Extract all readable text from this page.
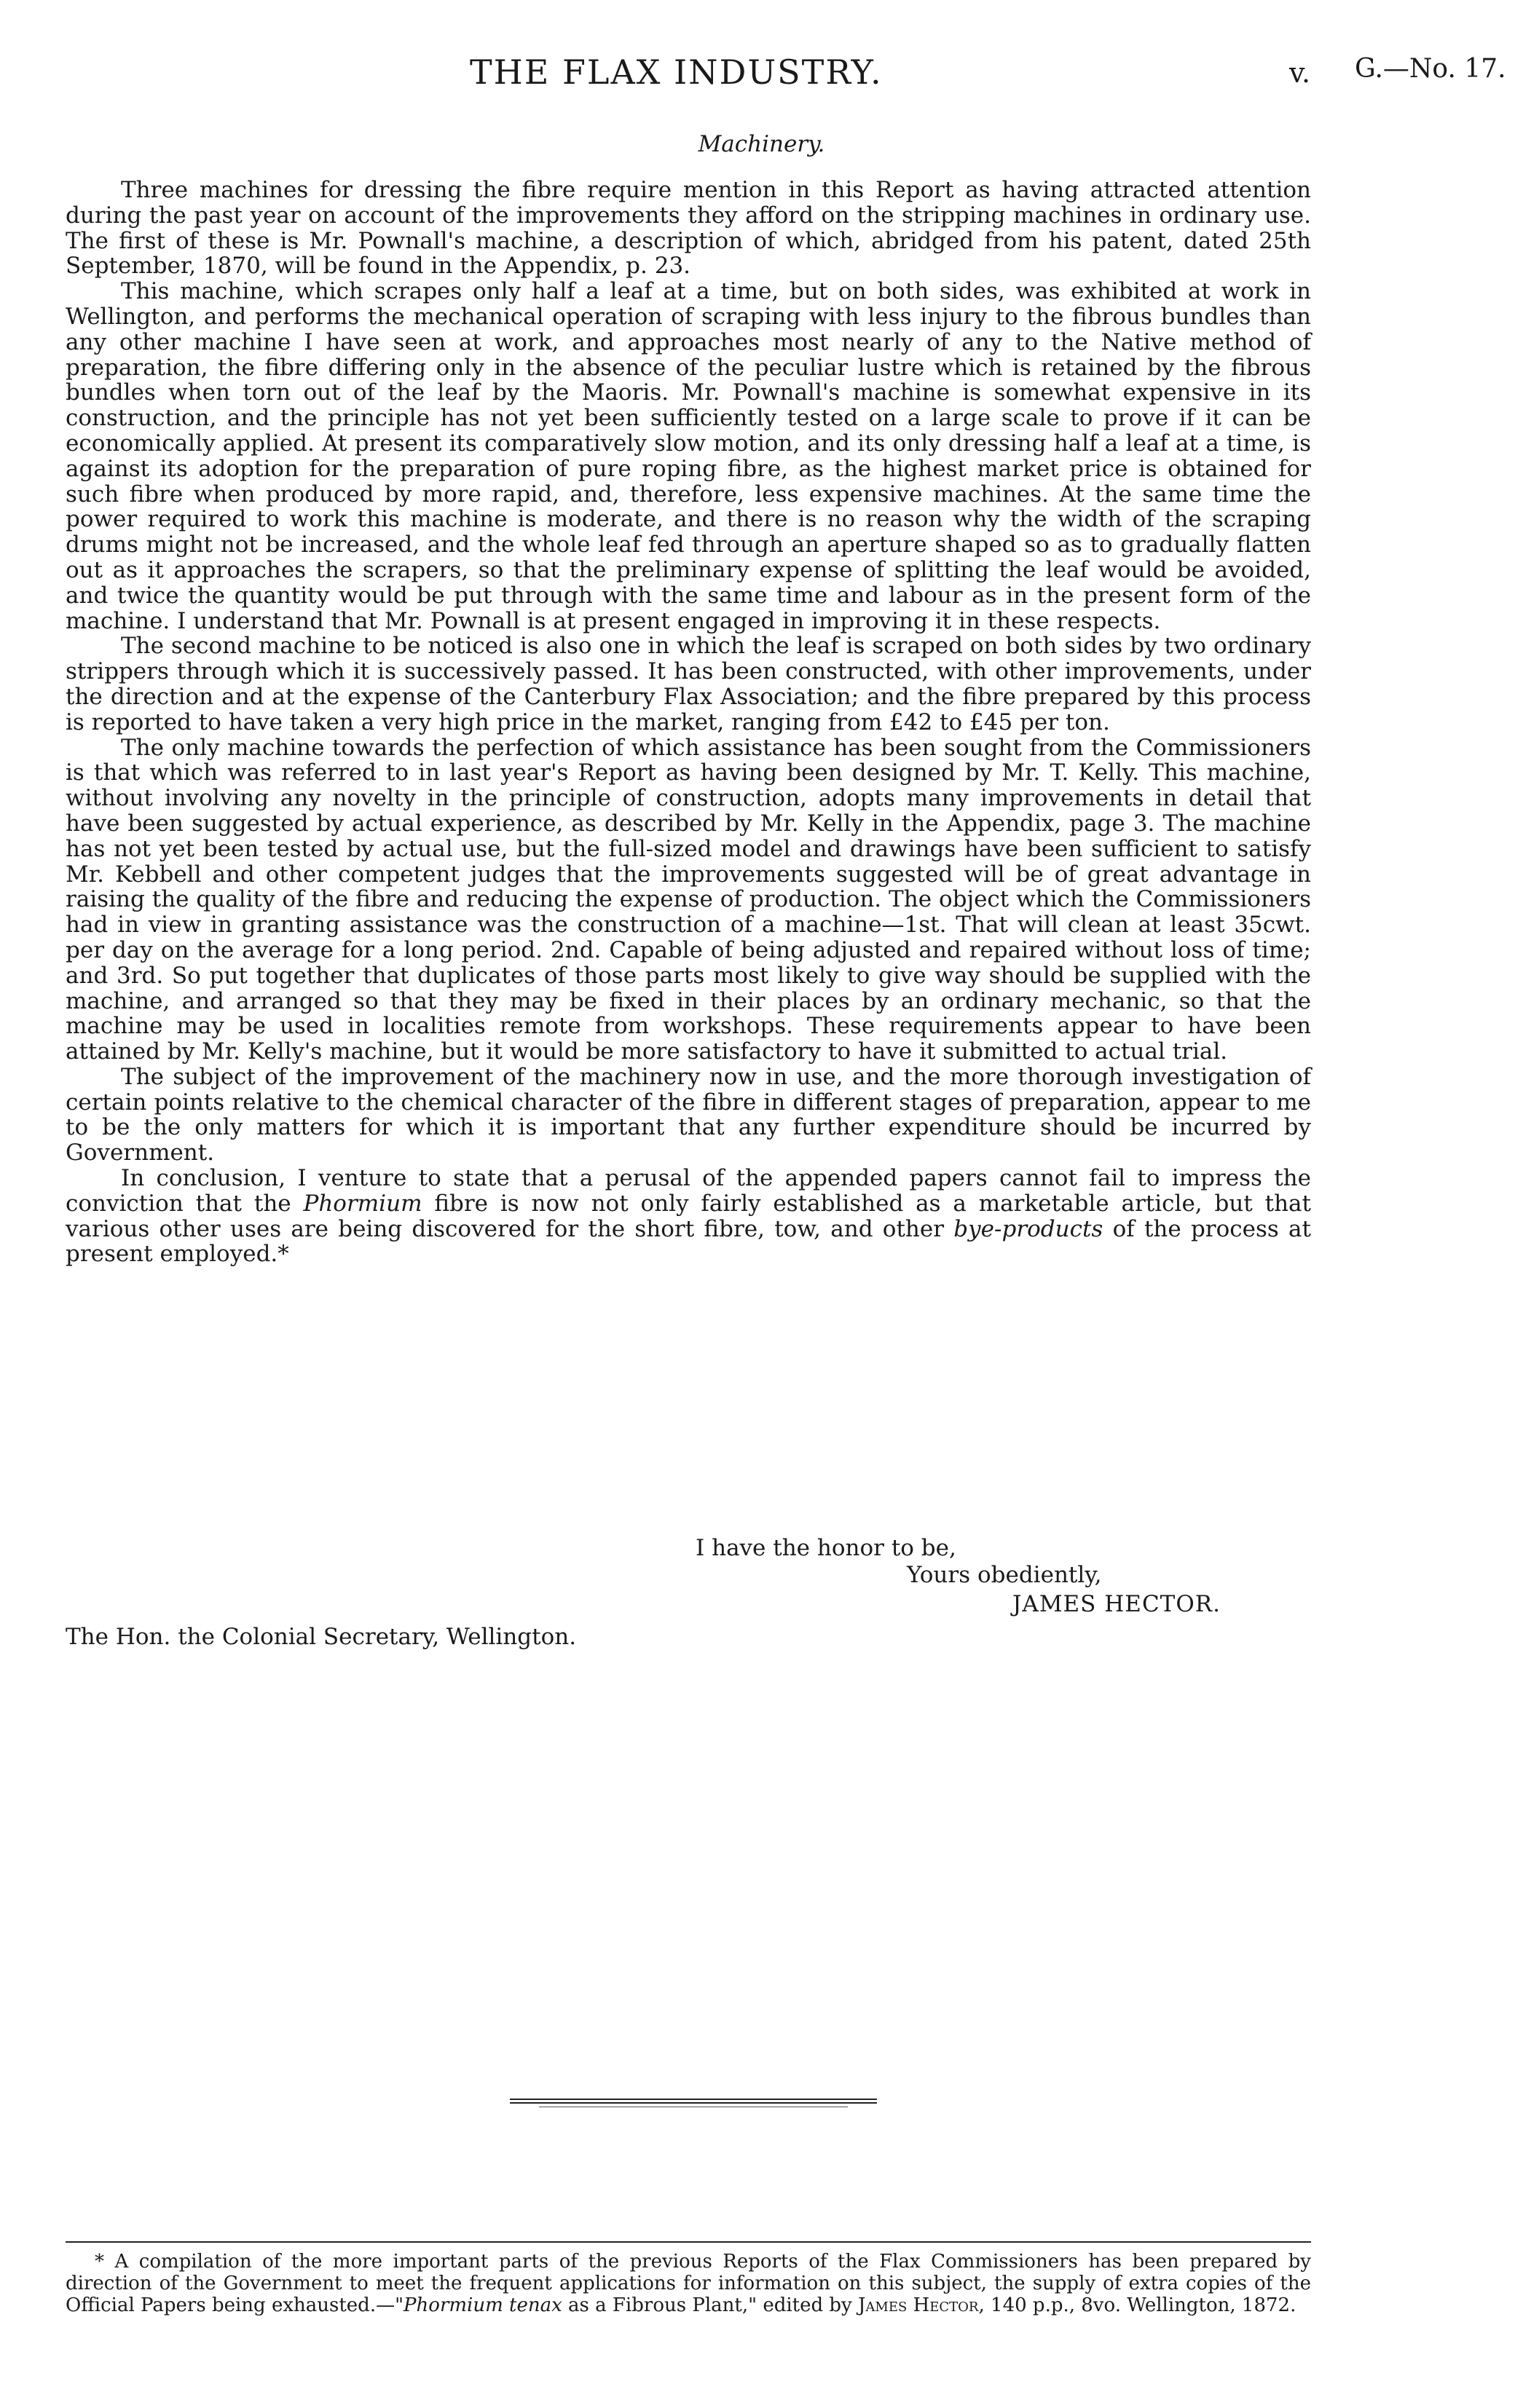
THE FLAX INDUSTRY.	v. G.—No. 17.
Machinery.

Three machines for dressing the fibre require mention in this Report as having attracted attention during the past year on account of the improvements they afford on the stripping machines in ordinary use. The first of these is Mr. Pownall's machine, a description of which, abridged from his patent, dated 25th September, 1870, will be found in the Appendix, p. 23.

This machine, which scrapes only half a leaf at a time, but on both sides, was exhibited at work in Wellington, and performs the mechanical operation of scraping with less injury to the fibrous bundles than any other machine I have seen at work, and approaches most nearly of any to the Native method of preparation, the fibre differing only in the absence of the peculiar lustre which is retained by the fibrous bundles when torn out of the leaf by the Maoris. Mr. Pownall's machine is somewhat expensive in its construction, and the principle has not yet been sufficiently tested on a large scale to prove if it can be economically applied. At present its comparatively slow motion, and its only dressing half a leaf at a time, is against its adoption for the preparation of pure roping fibre, as the highest market price is obtained for such fibre when produced by more rapid, and, therefore, less expensive machines. At the same time the power required to work this machine is moderate, and there is no reason why the width of the scraping drums might not be increased, and the whole leaf fed through an aperture shaped so as to gradually flatten out as it approaches the scrapers, so that the preliminary expense of splitting the leaf would be avoided, and twice the quantity would be put through with the same time and labour as in the present form of the machine. I understand that Mr. Pownall is at present engaged in improving it in these respects.

The second machine to be noticed is also one in which the leaf is scraped on both sides by two ordinary strippers through which it is successively passed. It has been constructed, with other improvements, under the direction and at the expense of the Canterbury Flax Association; and the fibre prepared by this process is reported to have taken a very high price in the market, ranging from £42 to £45 per ton.

The only machine towards the perfection of which assistance has been sought from the Commissioners is that which was referred to in last year's Report as having been designed by Mr. T. Kelly. This machine, without involving any novelty in the principle of construction, adopts many improvements in detail that have been suggested by actual experience, as described by Mr. Kelly in the Appendix, page 3. The machine has not yet been tested by actual use, but the full-sized model and drawings have been sufficient to satisfy Mr. Kebbell and other competent judges that the improvements suggested will be of great advantage in raising the quality of the fibre and reducing the expense of production. The object which the Commissioners had in view in granting assistance was the construction of a machine—1st. That will clean at least 35cwt. per day on the average for a long period. 2nd. Capable of being adjusted and repaired without loss of time; and 3rd. So put together that duplicates of those parts most likely to give way should be supplied with the machine, and arranged so that they may be fixed in their places by an ordinary mechanic, so that the machine may be used in localities remote from workshops. These requirements appear to have been attained by Mr. Kelly's machine, but it would be more satisfactory to have it submitted to actual trial.

The subject of the improvement of the machinery now in use, and the more thorough investigation of certain points relative to the chemical character of the fibre in different stages of preparation, appear to me to be the only matters for which it is important that any further expenditure should be incurred by Government.

In conclusion, I venture to state that a perusal of the appended papers cannot fail to impress the conviction that the Phormium fibre is now not only fairly established as a marketable article, but that various other uses are being discovered for the short fibre, tow, and other bye-products of the process at present employed.*

I have the honor to be,
Yours obediently,
JAMES HECTOR.
The Hon. the Colonial Secretary, Wellington.

* A compilation of the more important parts of the previous Reports of the Flax Commissioners has been prepared by direction of the Government to meet the frequent applications for information on this subject, the supply of extra copies of the Official Papers being exhausted.—"Phormium tenax as a Fibrous Plant," edited by James Hector, 140 p.p., 8vo. Wellington, 1872.
